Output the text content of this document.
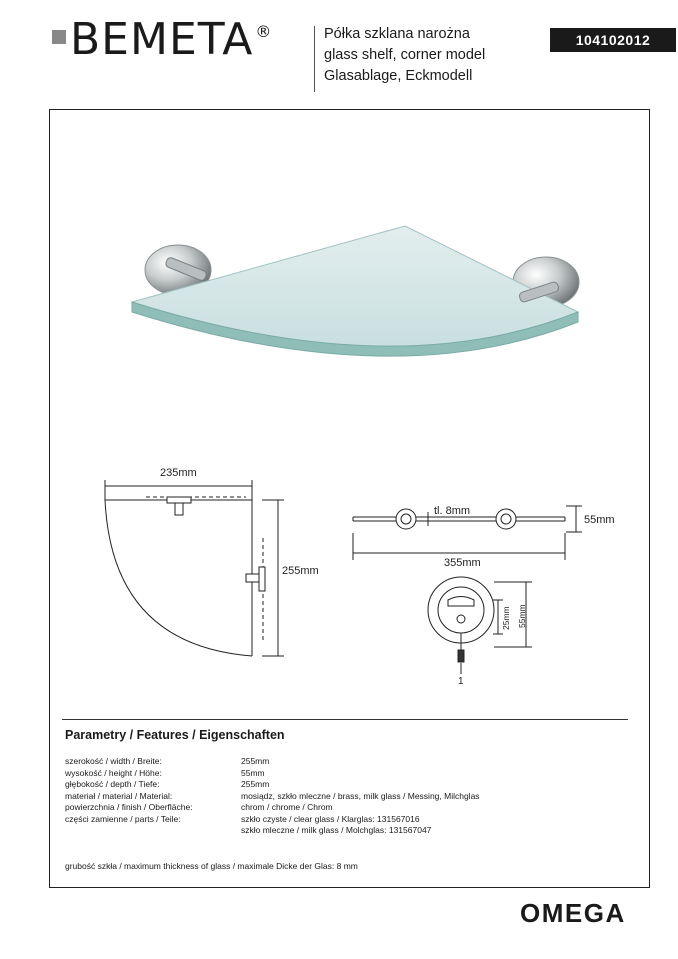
BEMETA ®	Półka szklana narożna
glass shelf, corner model
Glasablage, Eckmodell
104102012
235mm
255mm
tl. 8mm
355mm
55mm
25mm 55mm
Parametry / Features / Eigenschaften
szerokość / width / Breite:	255mm
wysokość / height / Höhe:	55mm
głębokość / depth / Tiefe:	255mm
materiał / material / Material:	mosiądz, szkło mleczne / brass, milk glass / Messing, Milchglas
powierzchnia / finish / Oberfläche:	chrom / chrome / Chrom
części zamienne / parts / Teile:	szkło czyste / clear glass / Klarglas: 131567016
szkło mleczne / milk glass / Molchglas: 131567047
grubość szkła / maximum thickness of glass / maximale Dicke der Glas: 8 mm
OMEGA
1
